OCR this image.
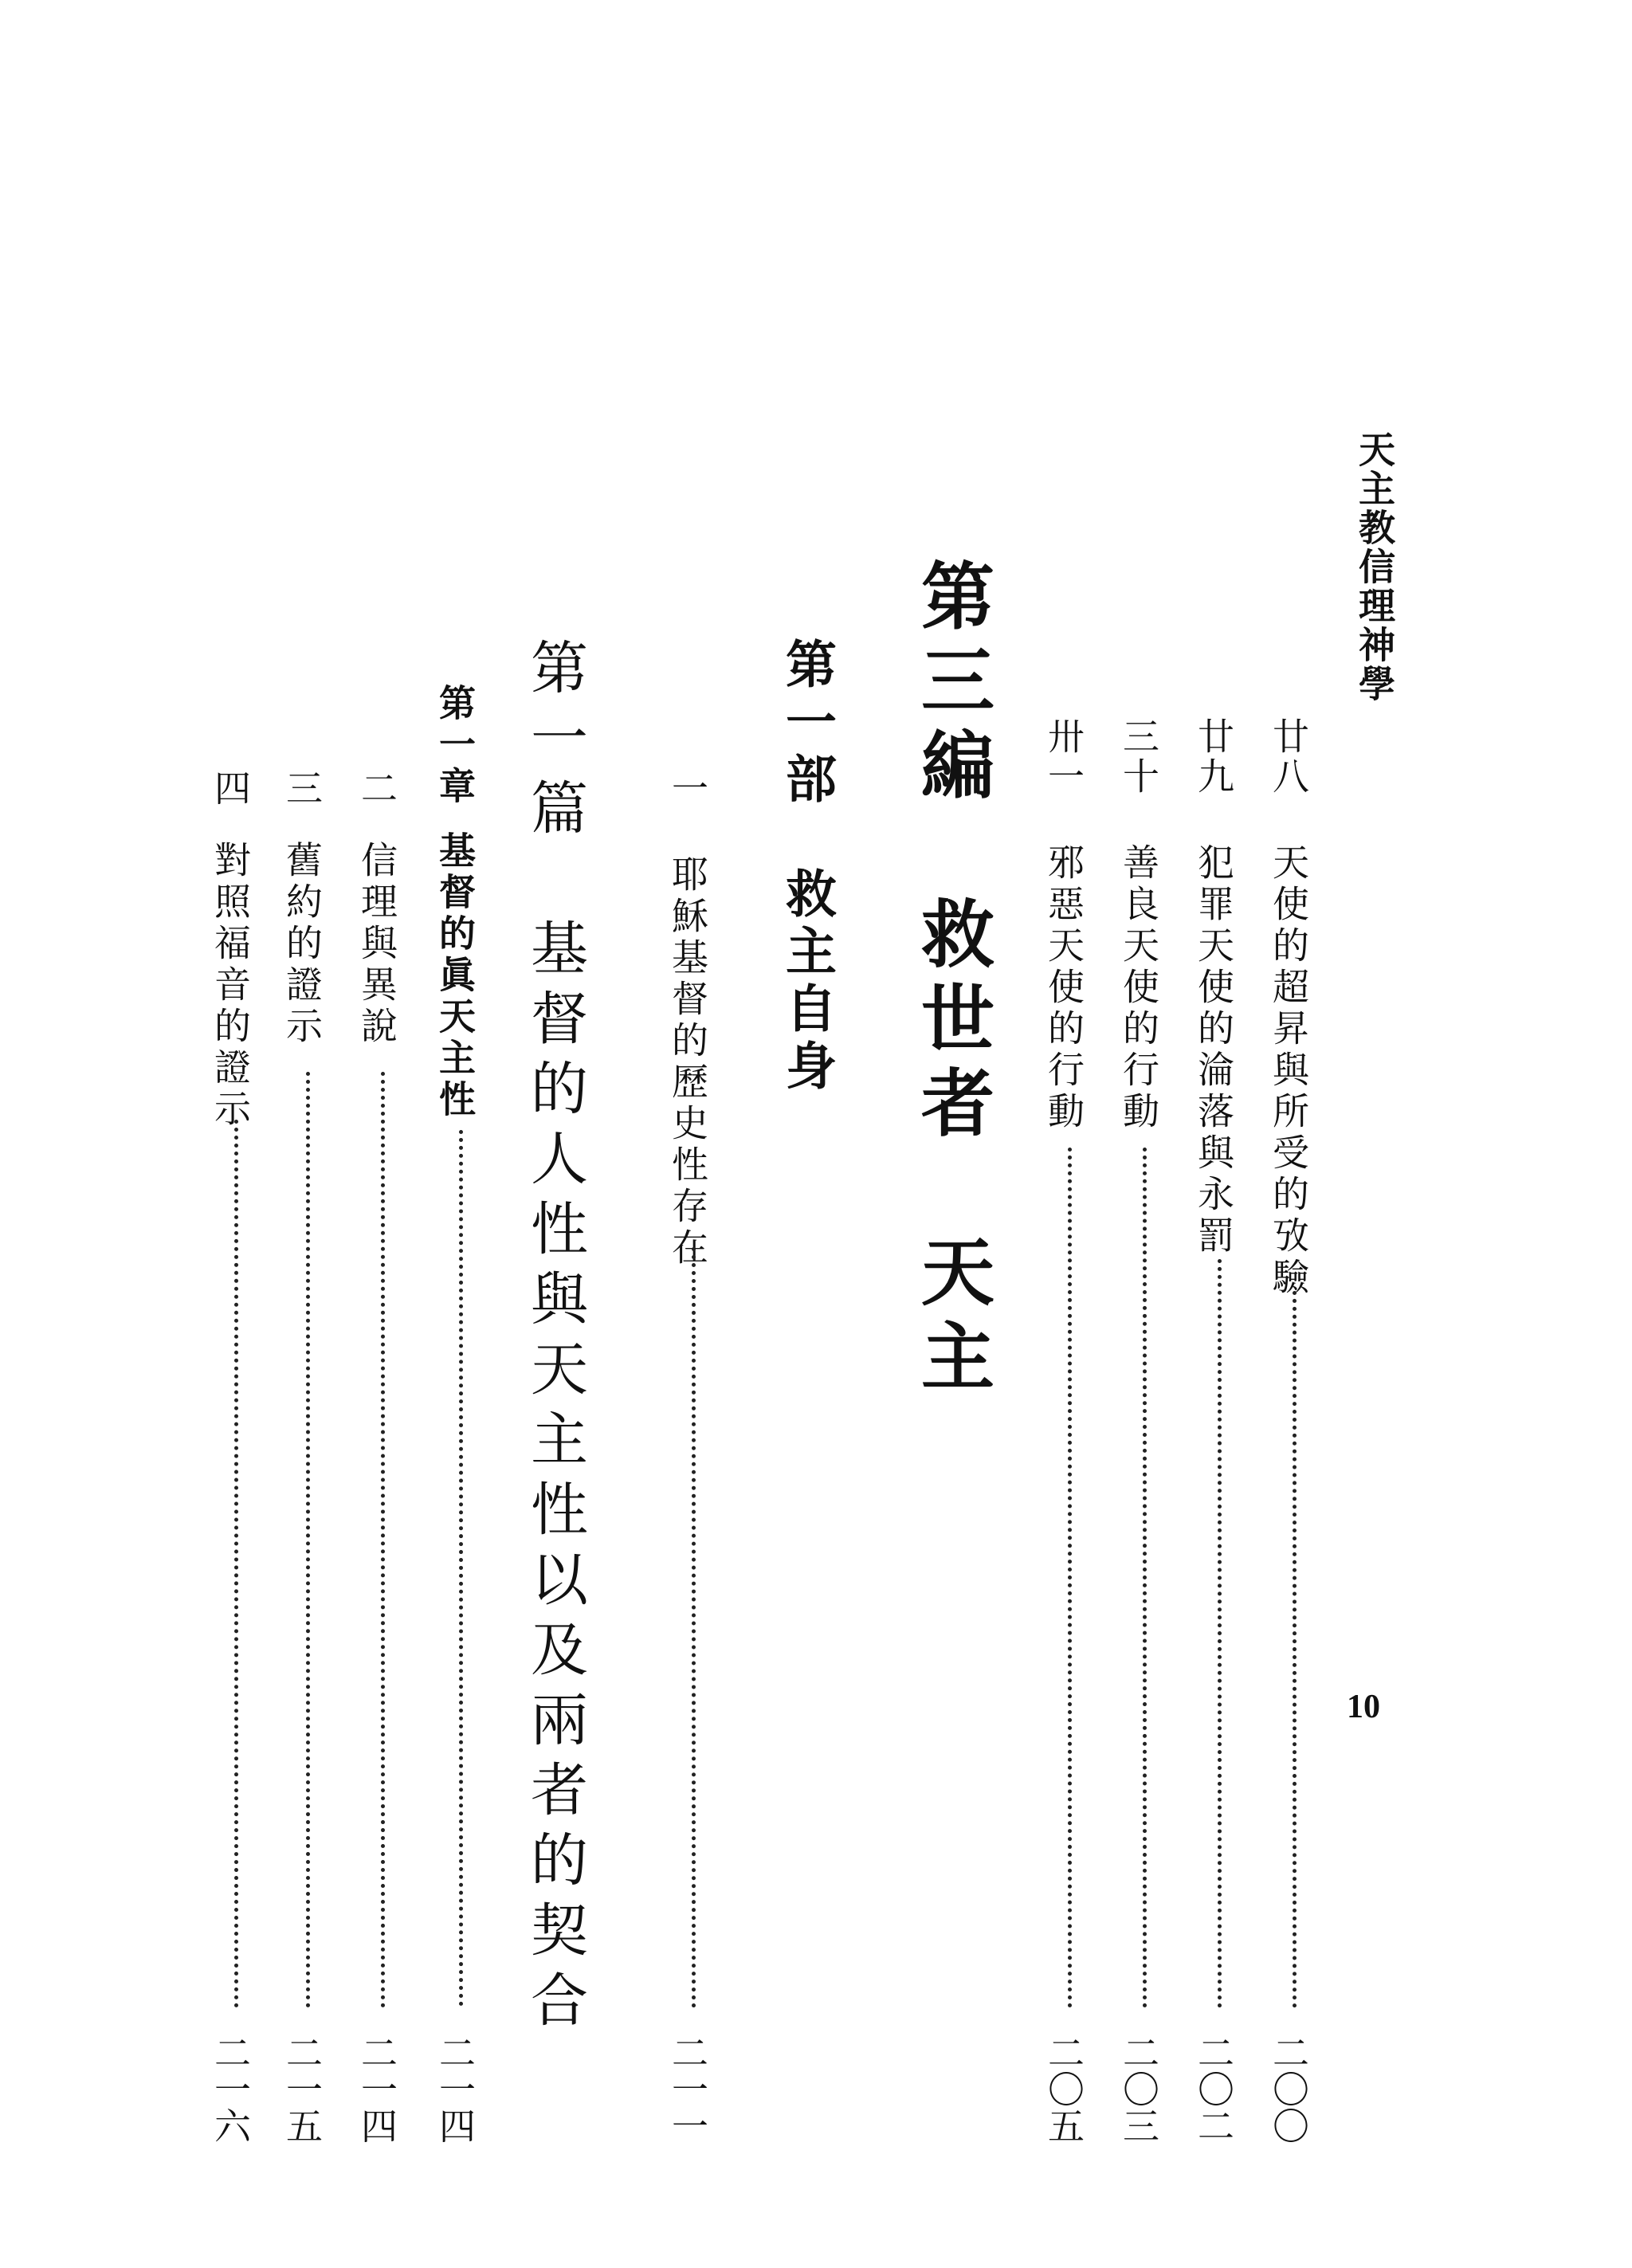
天主教信理神學
10
廿八
天使的超昇與所受的攷驗
二〇〇
廿九
犯罪天使的淪落與永罰
二〇二
三十
善良天使的行動
二〇三
卅一
邪惡天使的行動
二〇五
第三編　救世者　天主
第一部　救主自身
一
耶穌基督的歷史性存在
二一一
第一篇　基督的人性與天主性以及兩者的契合
第一章
基督的眞天主性
二一四
二
信理與異說
二一四
三
舊約的證示
二一五
四
對照福音的證示
二一六
